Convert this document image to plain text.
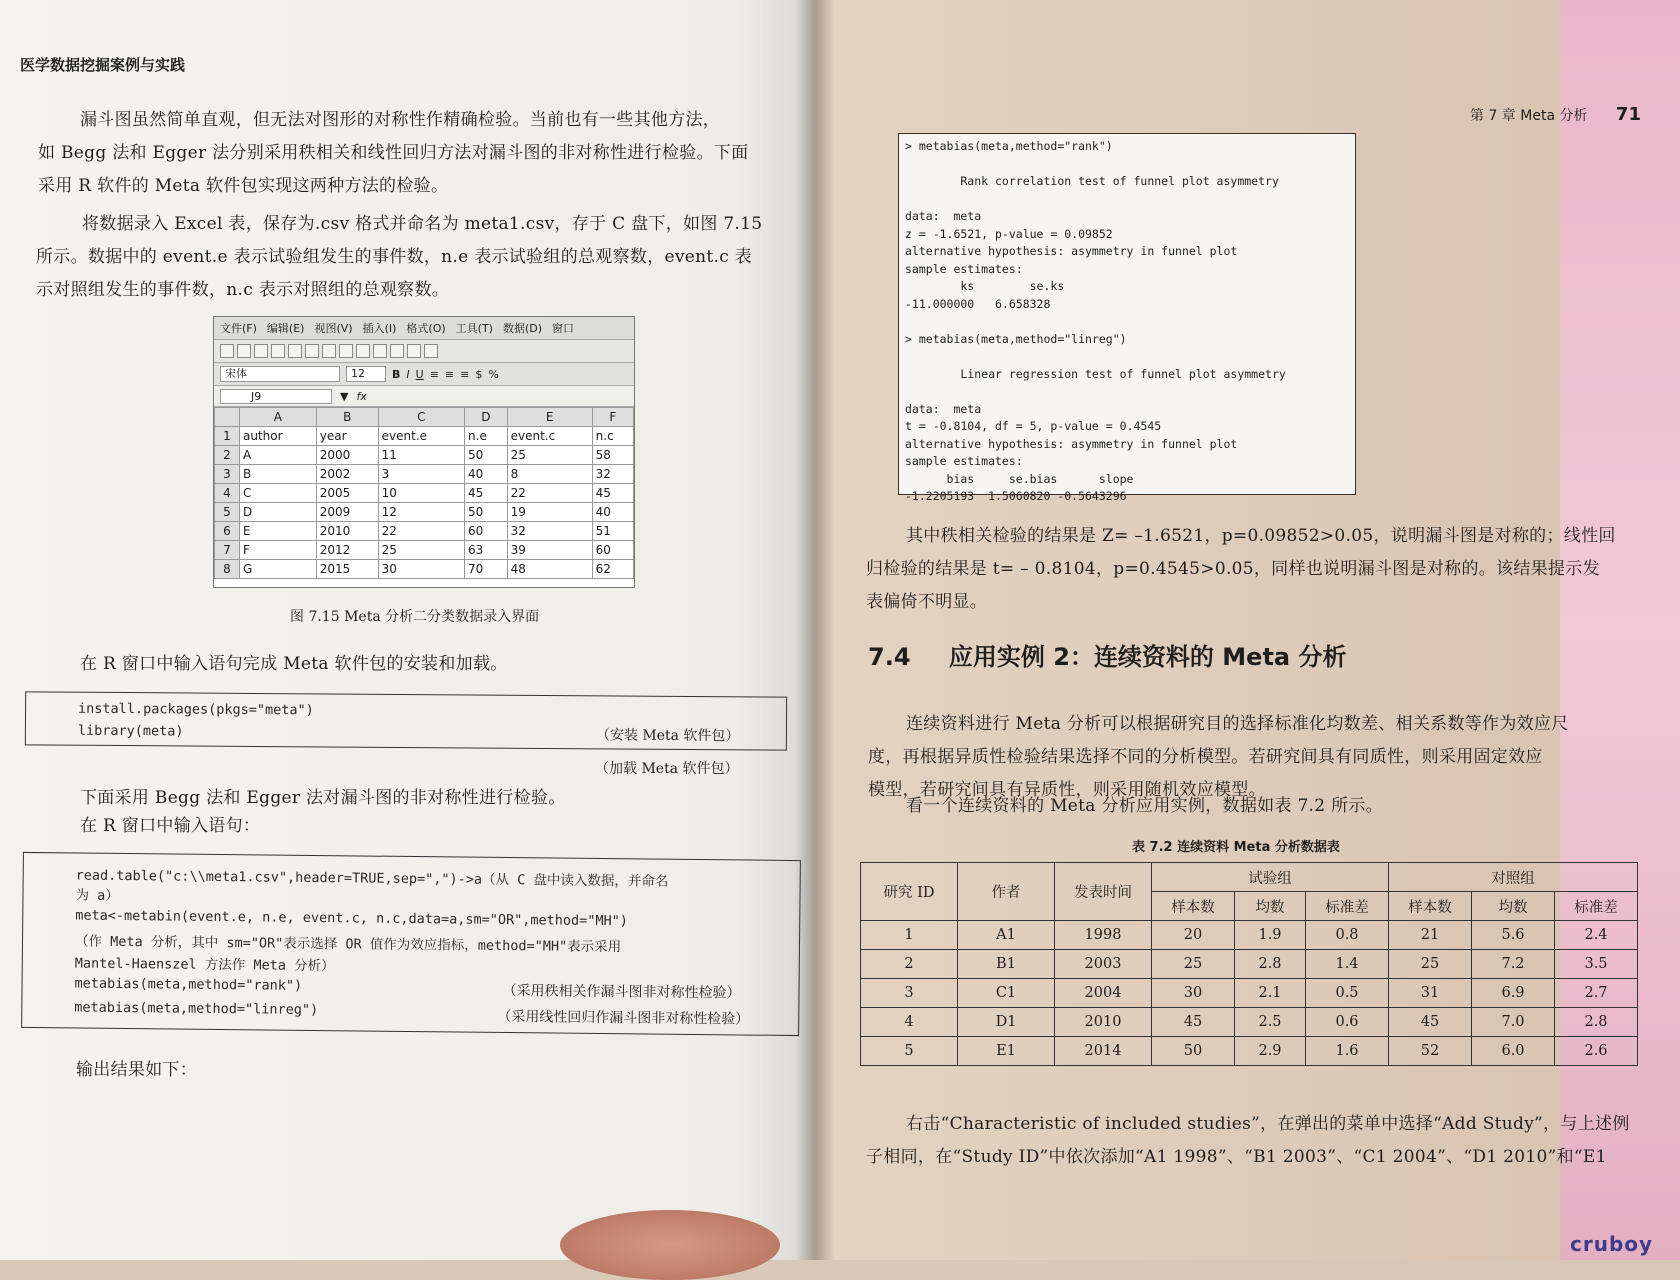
医学数据挖掘案例与实践
漏斗图虽然简单直观，但无法对图形的对称性作精确检验。当前也有一些其他方法，
如 Begg 法和 Egger 法分别采用秩相关和线性回归方法对漏斗图的非对称性进行检验。下面
采用 R 软件的 Meta 软件包实现这两种方法的检验。
将数据录入 Excel 表，保存为.csv 格式并命名为 meta1.csv，存于 C 盘下，如图 7.15
所示。数据中的 event.e 表示试验组发生的事件数，n.e 表示试验组的总观察数，event.c 表
示对照组发生的事件数，n.c 表示对照组的总观察数。
文件(F) 编辑(E) 视图(V) 插入(I) 格式(O) 工具(T) 数据(D) 窗口
宋体	12	B I U ≡ ≡ ≡ $ %
J9	▼ fx
	A	B	C	D	E	F
1	author	year	event.e	n.e	event.c	n.c
2	A	2000	11	50	25	58
3	B	2002	3	40	8	32
4	C	2005	10	45	22	45
5	D	2009	12	50	19	40
6	E	2010	22	60	32	51
7	F	2012	25	63	39	60
8	G	2015	30	70	48	62
图 7.15 Meta 分析二分类数据录入界面
在 R 窗口中输入语句完成 Meta 软件包的安装和加载。
install.packages(pkgs="meta")
library(meta)	（安装 Meta 软件包）
（加载 Meta 软件包）
下面采用 Begg 法和 Egger 法对漏斗图的非对称性进行检验。
在 R 窗口中输入语句：
read.table("c:\\meta1.csv",header=TRUE,sep=",")->a（从 C 盘中读入数据，并命名
为 a）
meta<-metabin(event.e, n.e, event.c, n.c,data=a,sm="OR",method="MH")
（作 Meta 分析，其中 sm="OR"表示选择 OR 值作为效应指标，method="MH"表示采用
Mantel-Haenszel 方法作 Meta 分析）
metabias(meta,method="rank")
metabias(meta,method="linreg")
（采用秩相关作漏斗图非对称性检验）
（采用线性回归作漏斗图非对称性检验）
输出结果如下：
第 7 章 Meta 分析 71
> metabias(meta,method="rank")

Rank correlation test of funnel plot asymmetry

data:  meta
z = -1.6521, p-value = 0.09852
alternative hypothesis: asymmetry in funnel plot
sample estimates:
ks        se.ks
-11.000000   6.658328

> metabias(meta,method="linreg")

Linear regression test of funnel plot asymmetry

data:  meta
t = -0.8104, df = 5, p-value = 0.4545
alternative hypothesis: asymmetry in funnel plot
sample estimates:
bias     se.bias      slope
-1.2205193  1.5060820 -0.5643296
其中秩相关检验的结果是 Z= –1.6521，p=0.09852>0.05，说明漏斗图是对称的；线性回
归检验的结果是 t= – 0.8104，p=0.4545>0.05，同样也说明漏斗图是对称的。该结果提示发
表偏倚不明显。
7.4 应用实例 2：连续资料的 Meta 分析
连续资料进行 Meta 分析可以根据研究目的选择标准化均数差、相关系数等作为效应尺
度，再根据异质性检验结果选择不同的分析模型。若研究间具有同质性，则采用固定效应
模型，若研究间具有异质性，则采用随机效应模型。
看一个连续资料的 Meta 分析应用实例，数据如表 7.2 所示。
表 7.2 连续资料 Meta 分析数据表
研究 ID	作者	发表时间	试验组			对照组		
			样本数	均数	标准差	样本数	均数	标准差
1	A1	1998	20	1.9	0.8	21	5.6	2.4
2	B1	2003	25	2.8	1.4	25	7.2	3.5
3	C1	2004	30	2.1	0.5	31	6.9	2.7
4	D1	2010	45	2.5	0.6	45	7.0	2.8
5	E1	2014	50	2.9	1.6	52	6.0	2.6
右击“Characteristic of included studies”，在弹出的菜单中选择“Add Study”，与上述例
子相同，在“Study ID”中依次添加“A1 1998”、“B1 2003”、“C1 2004”、“D1 2010”和“E1
cruboy
